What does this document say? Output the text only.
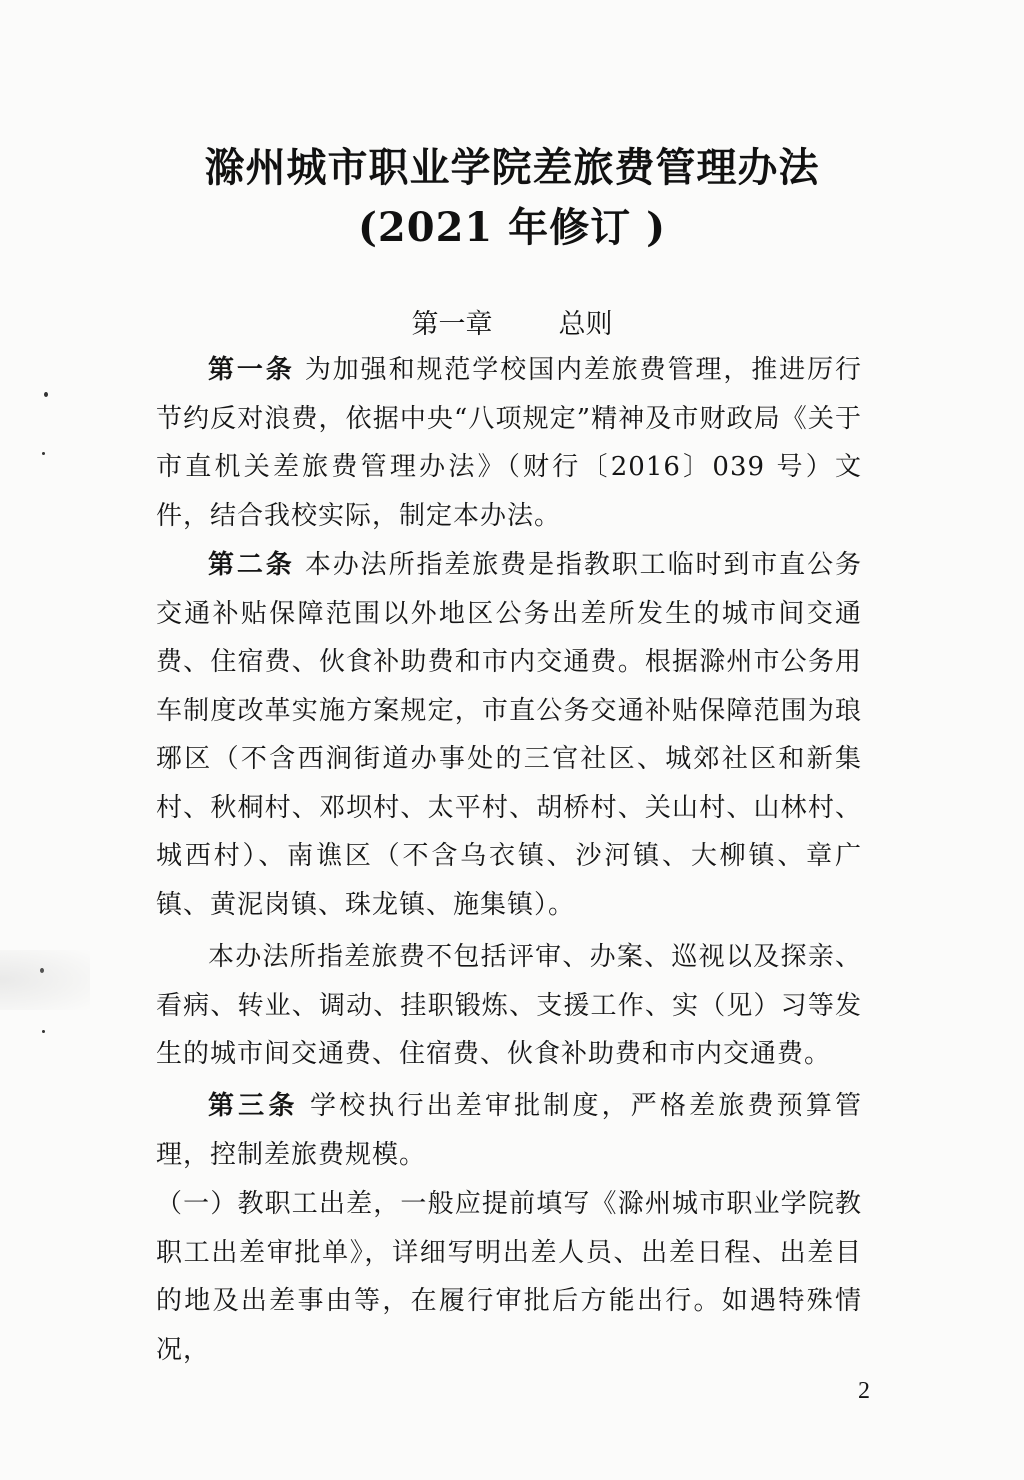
滁州城市职业学院差旅费管理办法
(2021 年修订 )
第一章 总则
第一条 为加强和规范学校国内差旅费管理，推进厉行节约反对浪费，依据中央“八项规定”精神及市财政局《关于市直机关差旅费管理办法》（财行〔2016〕039 号）文件，结合我校实际，制定本办法。
第二条 本办法所指差旅费是指教职工临时到市直公务交通补贴保障范围以外地区公务出差所发生的城市间交通费、住宿费、伙食补助费和市内交通费。根据滁州市公务用车制度改革实施方案规定，市直公务交通补贴保障范围为琅琊区（不含西涧街道办事处的三官社区、城郊社区和新集村、秋桐村、邓坝村、太平村、胡桥村、关山村、山林村、城西村）、南谯区（不含乌衣镇、沙河镇、大柳镇、章广镇、黄泥岗镇、珠龙镇、施集镇）。
本办法所指差旅费不包括评审、办案、巡视以及探亲、看病、转业、调动、挂职锻炼、支援工作、实（见）习等发生的城市间交通费、住宿费、伙食补助费和市内交通费。
第三条 学校执行出差审批制度，严格差旅费预算管理，控制差旅费规模。
（一）教职工出差，一般应提前填写《滁州城市职业学院教职工出差审批单》，详细写明出差人员、出差日程、出差目的地及出差事由等，在履行审批后方能出行。如遇特殊情况，
2
